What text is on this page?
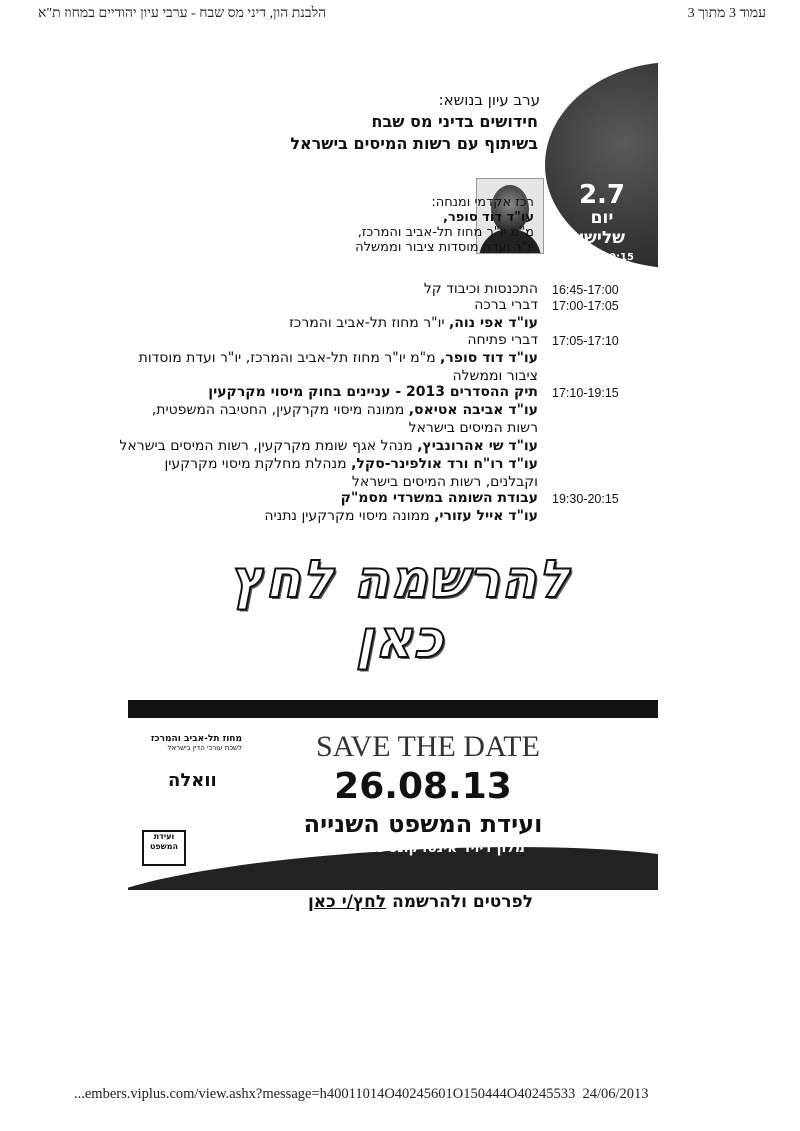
הלבנת הון, דיני מס שבח - ערבי עיון יהודיים במחוז ת"א	עמוד 3 מתוך 3
ערב עיון בנושא:
חידושים בדיני מס שבח
בשיתוף עם רשות המיסים בישראל
2.7
יום
שלישי
16:45-20:15
רכז אקדמי ומנחה:
עו"ד דוד סופר,
מ"מ יו"ר מחוז תל-אביב והמרכז,
יו"ר ועדת מוסדות ציבור וממשלה
16:45-17:00
התכנסות וכיבוד קל
17:00-17:05
דברי ברכה
עו"ד אפי נוה, יו"ר מחוז תל-אביב והמרכז
17:05-17:10
דברי פתיחה
עו"ד דוד סופר, מ"מ יו"ר מחוז תל-אביב והמרכז, יו"ר ועדת מוסדות
ציבור וממשלה
17:10-19:15
תיק ההסדרים 2013 - עניינים בחוק מיסוי מקרקעין
עו"ד אביבה אטיאס, ממונה מיסוי מקרקעין, החטיבה המשפטית,
רשות המיסים בישראל
עו"ד שי אהרונביץ, מנהל אגף שומת מקרקעין, רשות המיסים בישראל
עו"ד רו"ח ורד אולפינר-סקל, מנהלת מחלקת מיסוי מקרקעין
וקבלנים, רשות המיסים בישראל
19:30-20:15
עבודת השומה במשרדי מסמ"ק
עו"ד אייל עזורי, ממונה מיסוי מקרקעין נתניה
להרשמה לחץ כאן
SAVE THE DATE
26.08.13
ועידת המשפט השנייה
מלון דיויד אינטרקונטיננטל ת"א
מחוז תל-אביב והמרכז
לשכת עורכי הדין בישראל
וואלה
ועידת המשפט
לפרטים ולהרשמה לחץ/י כאן
...embers.viplus.com/view.ashx?message=h40011014O40245601O150444O40245533 24/06/2013
